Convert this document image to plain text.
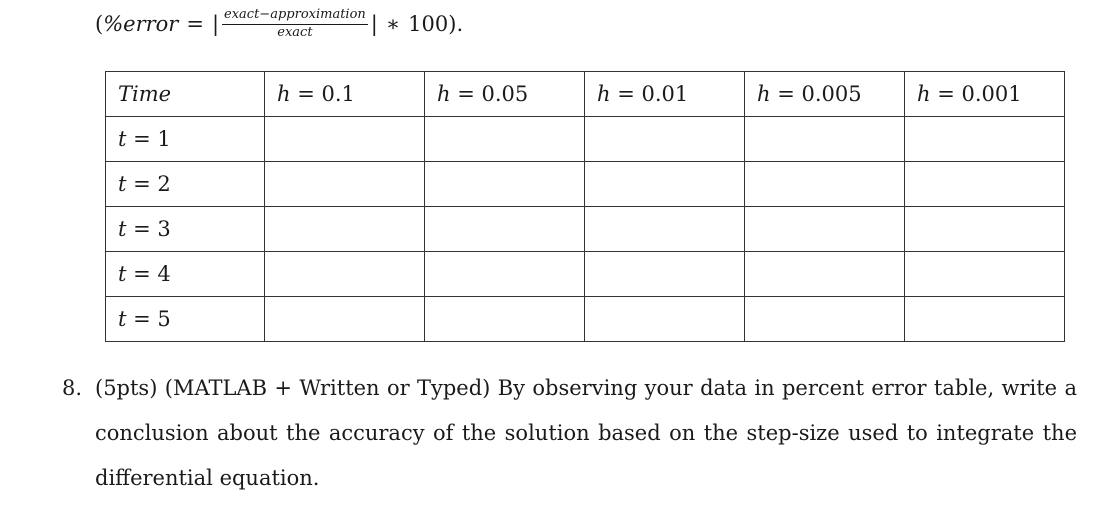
( %error = | $\frac{\text{exact−approximation}}{\text{exact}}$ | ∗ 100 ).
Time	h = 0.1	h = 0.05	h = 0.01	h = 0.005	h = 0.001
t = 1					
t = 2					
t = 3					
t = 4					
t = 5					
8. (5pts) (MATLAB + Written or Typed) By observing your data in percent error table, write a conclusion about the accuracy of the solution based on the step-size used to integrate the differential equation.
